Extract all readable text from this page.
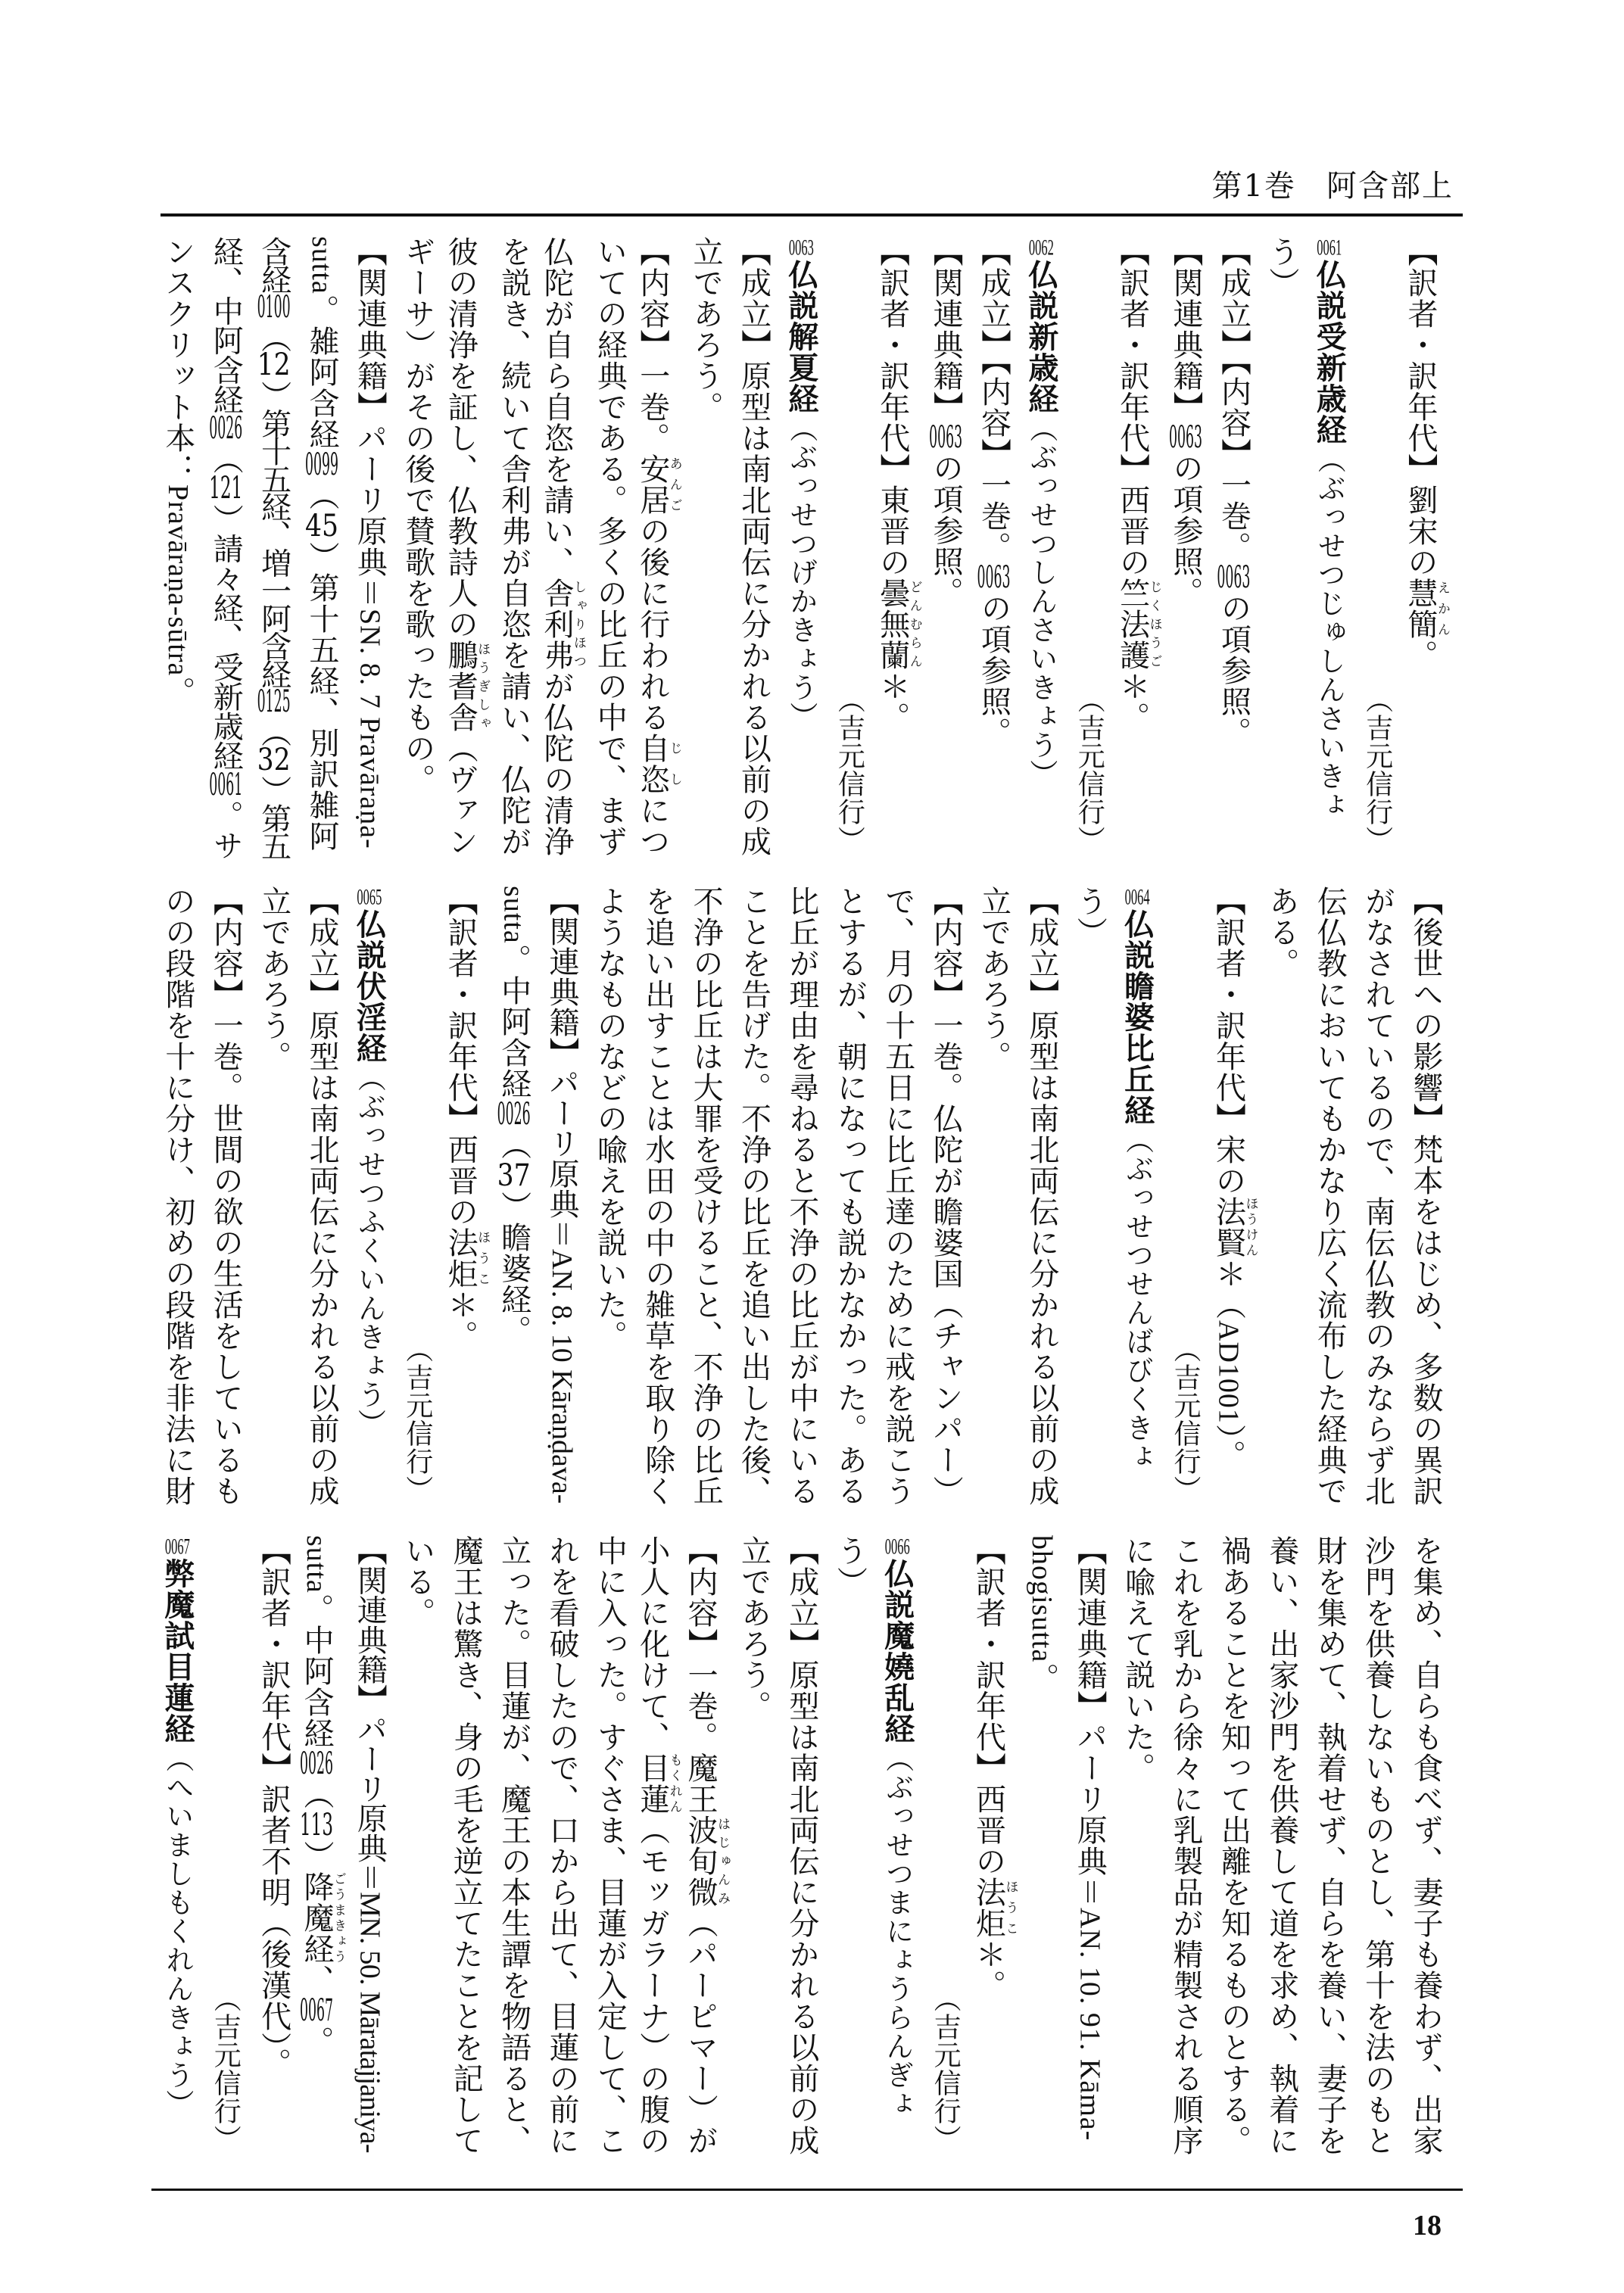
第1巻 阿含部上
【訳者・訳年代】劉宋の慧簡えかん。
（吉元信行）
0061仏説受新歳経（ぶっせつじゅしんさいきょ
う）
【成立】【内容】一巻。0063の項参照。
【関連典籍】0063の項参照。
【訳者・訳年代】西晋の竺法護じくほうご＊。
（吉元信行）
0062仏説新歳経（ぶっせつしんさいきょう）
【成立】【内容】一巻。0063の項参照。
【関連典籍】0063の項参照。
【訳者・訳年代】東晋の曇無蘭どんむらん＊。
（吉元信行）
0063仏説解夏経（ぶっせつげかきょう）
【成立】原型は南北両伝に分かれる以前の成
立であろう。
【内容】一巻。安居あんごの後に行われる自恣じしにつ
いての経典である。多くの比丘の中で、まず
仏陀が自ら自恣を請い、舎利弗しゃりほつが仏陀の清浄
を説き、続いて舎利弗が自恣を請い、仏陀が
彼の清浄を証し、仏教詩人の鵬耆舎ほうぎしゃ（ヴァン
ギーサ）がその後で賛歌を歌ったもの。
【関連典籍】パーリ原典＝SN. 8. 7 Pravāraṇa-
sutta。雑阿含経0099（45）第十五経、別訳雑阿
含経0100（12）第十五経、増一阿含経0125（32）第五
経、中阿含経0026（121）請々経、受新歳経0061。サ
ンスクリット本：Pravāraṇa-sūtra。
【後世への影響】梵本をはじめ、多数の異訳
がなされているので、南伝仏教のみならず北
伝仏教においてもかなり広く流布した経典で
ある。
【訳者・訳年代】宋の法賢ほうけん＊（AD1001）。
（吉元信行）
0064仏説瞻婆比丘経（ぶっせつせんばびくきょ
う）
【成立】原型は南北両伝に分かれる以前の成
立であろう。
【内容】一巻。仏陀が瞻婆国（チャンパー）
で、月の十五日に比丘達のために戒を説こう
とするが、朝になっても説かなかった。ある
比丘が理由を尋ねると不浄の比丘が中にいる
ことを告げた。不浄の比丘を追い出した後、
不浄の比丘は大罪を受けること、不浄の比丘
を追い出すことは水田の中の雑草を取り除く
ようなものなどの喩えを説いた。
【関連典籍】パーリ原典＝AN. 8. 10 Kāraṇḍava-
sutta。中阿含経0026（37）瞻婆経。
【訳者・訳年代】西晋の法炬ほうこ＊。
（吉元信行）
0065仏説伏淫経（ぶっせつふくいんきょう）
【成立】原型は南北両伝に分かれる以前の成
立であろう。
【内容】一巻。世間の欲の生活をしているも
のの段階を十に分け、初めの段階を非法に財
を集め、自らも食べず、妻子も養わず、出家
沙門を供養しないものとし、第十を法のもと
財を集めて、執着せず、自らを養い、妻子を
養い、出家沙門を供養して道を求め、執着に
禍あることを知って出離を知るものとする。
これを乳から徐々に乳製品が精製される順序
に喩えて説いた。
【関連典籍】パーリ原典＝AN. 10. 91. Kāma-
bhogisutta。
【訳者・訳年代】西晋の法炬ほうこ＊。
（吉元信行）
0066仏説魔嬈乱経（ぶっせつまにょうらんぎょ
う）
【成立】原型は南北両伝に分かれる以前の成
立であろう。
【内容】一巻。魔王波旬微はじゅんみ（パーピマー）が
小人に化けて、目蓮もくれん（モッガラーナ）の腹の
中に入った。すぐさま、目蓮が入定して、こ
れを看破したので、口から出て、目蓮の前に
立った。目蓮が、魔王の本生譚を物語ると、
魔王は驚き、身の毛を逆立てたことを記して
いる。
【関連典籍】パーリ原典＝MN. 50. Māratajjaniya-
sutta。中阿含経0026（113）降魔経ごうまきょう、0067。
【訳者・訳年代】訳者不明（後漢代）。
（吉元信行）
0067弊魔試目蓮経（へいましもくれんきょう）
18
